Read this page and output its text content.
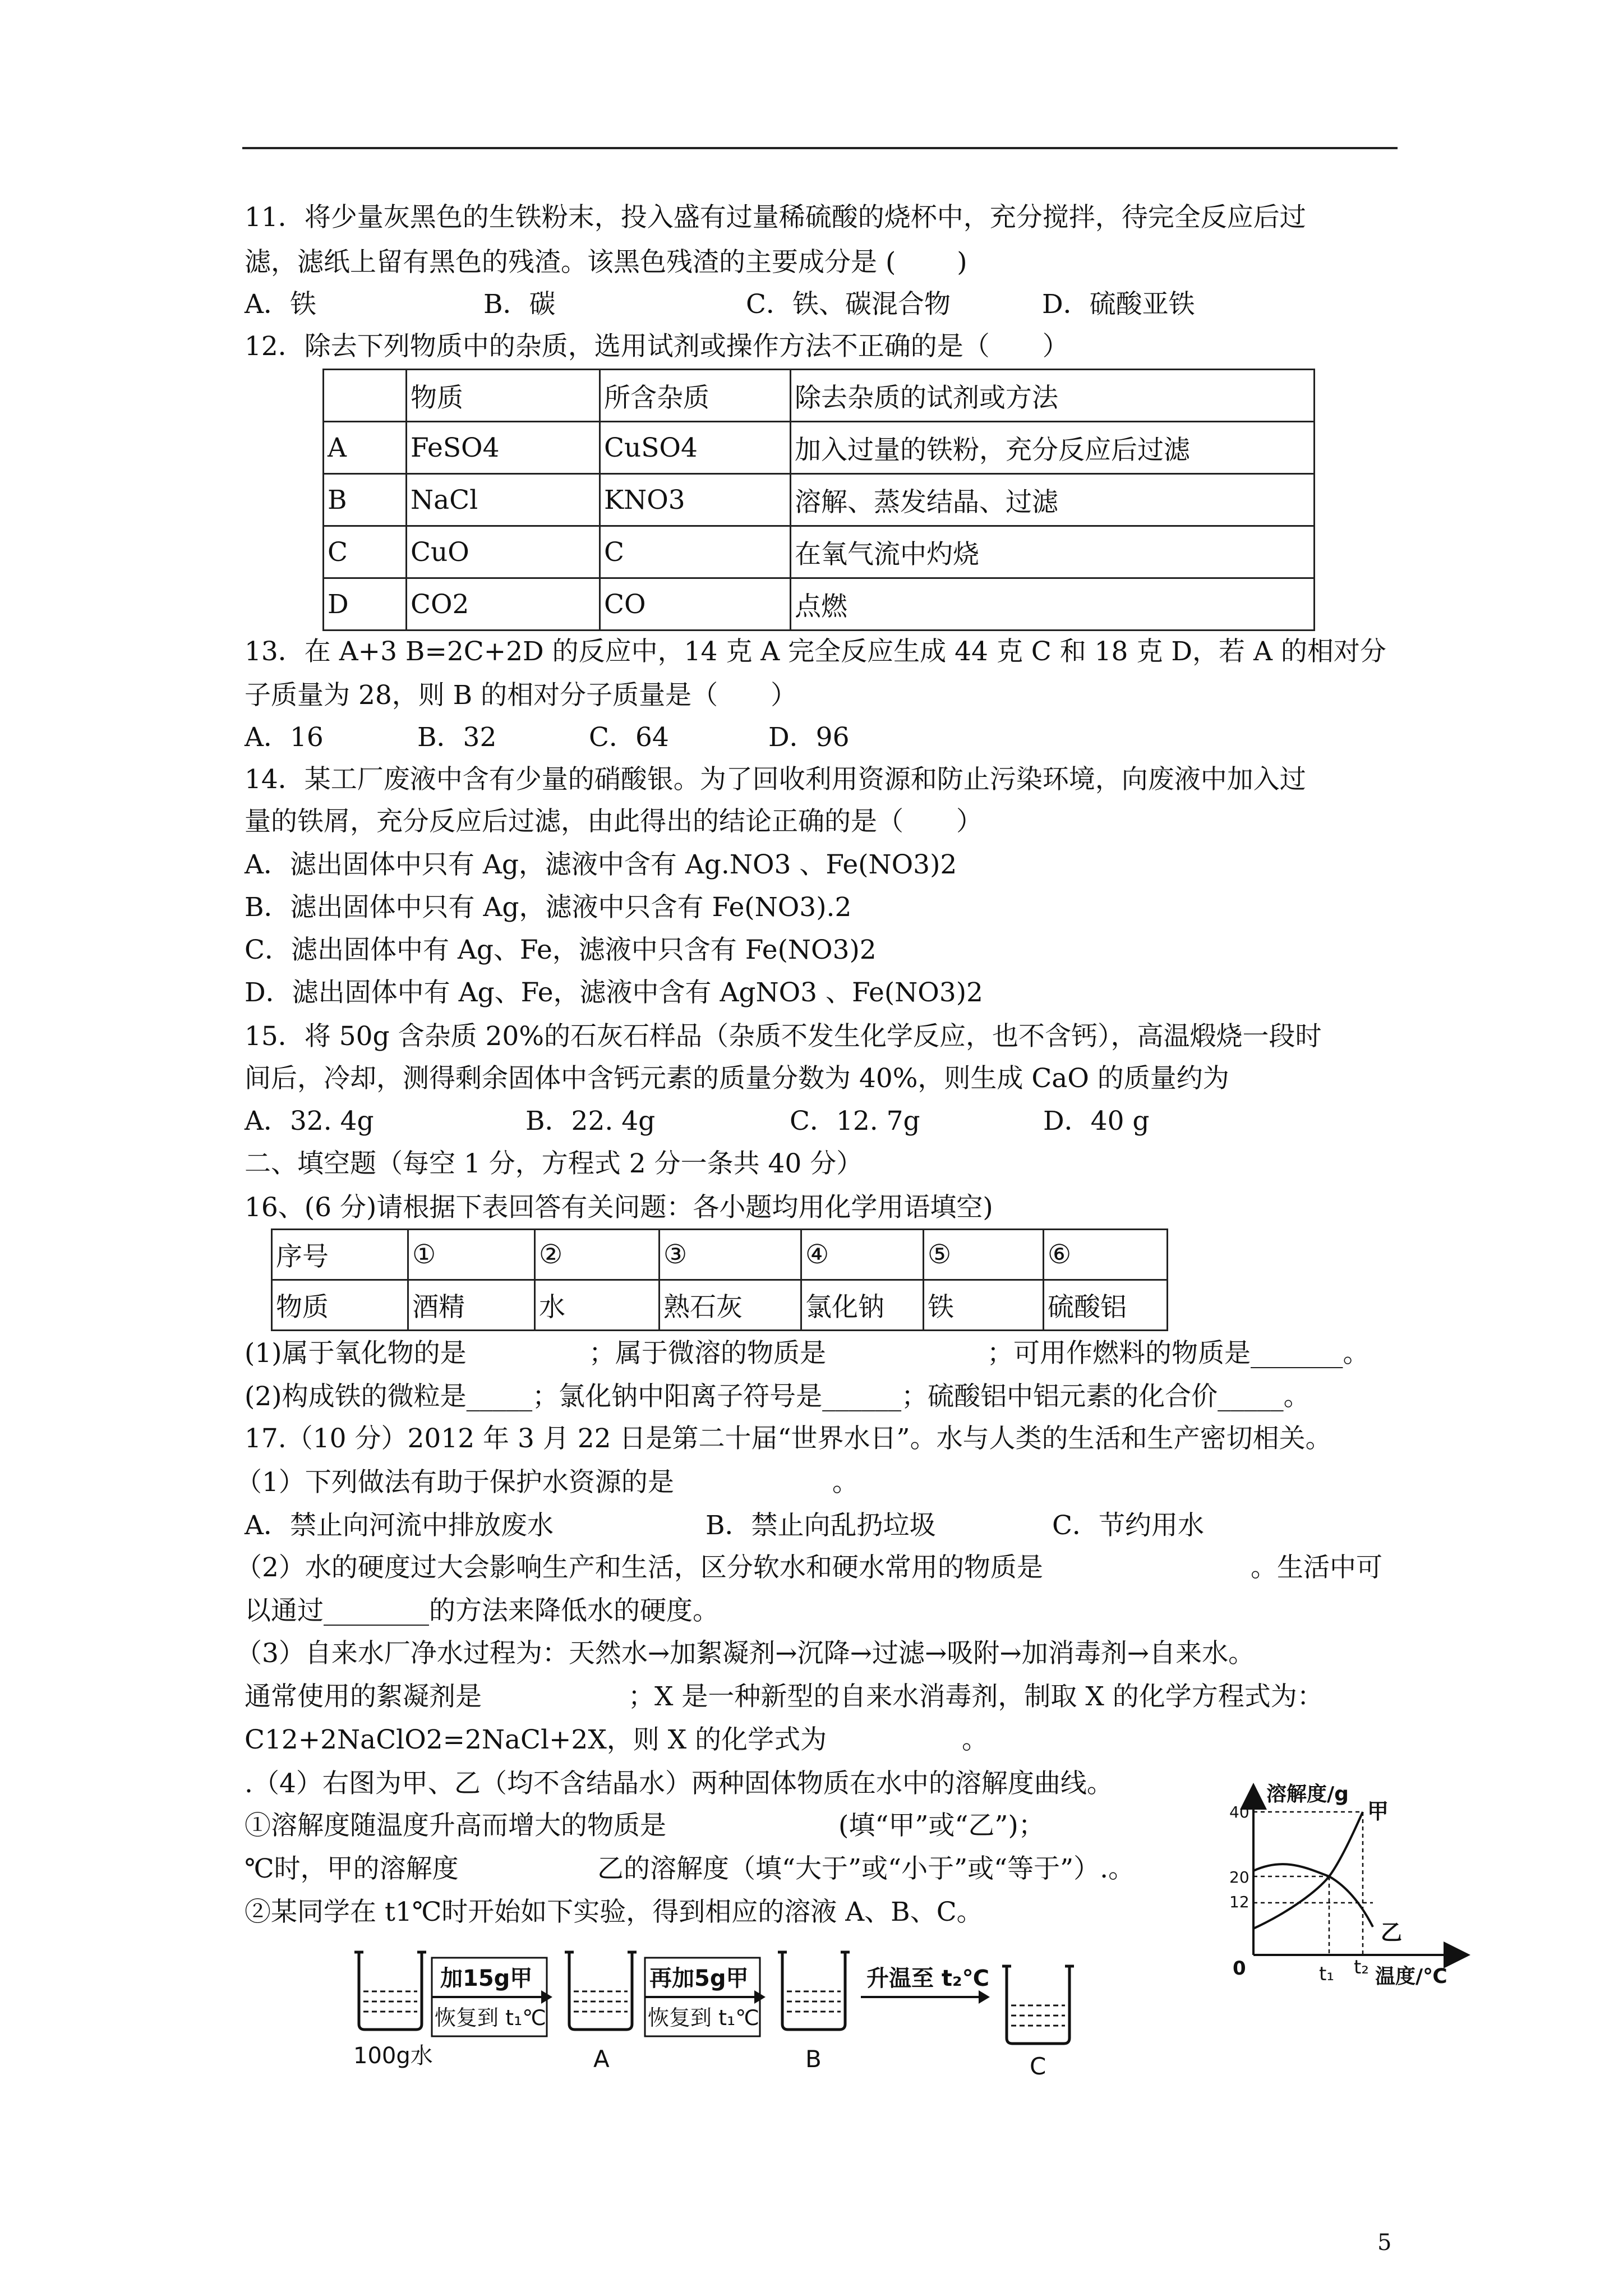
11．将少量灰黑色的生铁粉末，投入盛有过量稀硫酸的烧杯中，充分搅拌，待完全反应后过
滤，滤纸上留有黑色的残渣。该黑色残渣的主要成分是 (　　 )
A．铁	B．碳	C．铁、碳混合物	D．硫酸亚铁
12．除去下列物质中的杂质，选用试剂或操作方法不正确的是（　　）
	物质	所含杂质	除去杂质的试剂或方法
A	FeSO4	CuSO4	加入过量的铁粉，充分反应后过滤
B	NaCl	KNO3	溶解、蒸发结晶、过滤
C	CuO	C	在氧气流中灼烧
D	CO2	CO	点燃
13．在 A+3 B=2C+2D 的反应中，14 克 A 完全反应生成 44 克 C 和 18 克 D，若 A 的相对分
子质量为 28，则 B 的相对分子质量是（　　）
A．16	B．32	C．64	D．96
14．某工厂废液中含有少量的硝酸银。为了回收利用资源和防止污染环境，向废液中加入过
量的铁屑，充分反应后过滤，由此得出的结论正确的是（　　）
A．滤出固体中只有 Ag，滤液中含有 Ag.NO3 、Fe(NO3)2
B．滤出固体中只有 Ag，滤液中只含有 Fe(NO3).2
C．滤出固体中有 Ag、Fe，滤液中只含有 Fe(NO3)2
D．滤出固体中有 Ag、Fe，滤液中含有 AgNO3 、Fe(NO3)2
15．将 50g 含杂质 20%的石灰石样品（杂质不发生化学反应，也不含钙），高温煅烧一段时
间后，冷却，测得剩余固体中含钙元素的质量分数为 40%，则生成 CaO 的质量约为
A．32. 4g	B．22. 4g	C．12. 7g	D．40 g
二、填空题（每空 1 分，方程式 2 分一条共 40 分）
16、(6 分)请根据下表回答有关问题：各小题均用化学用语填空)
序号	①	②	③	④	⑤	⑥
物质	酒精	水	熟石灰	氯化钠	铁	硫酸铝
(1)属于氧化物的是	；属于微溶的物质是	；可用作燃料的物质是_______。
(2)构成铁的微粒是_____；氯化钠中阳离子符号是______；硫酸铝中铝元素的化合价_____。
17.（10 分）2012 年 3 月 22 日是第二十届“世界水日”。水与人类的生活和生产密切相关。
（1）下列做法有助于保护水资源的是　　　　　　。
A．禁止向河流中排放废水	B．禁止向乱扔垃圾	C．节约用水
（2）水的硬度过大会影响生产和生活，区分软水和硬水常用的物质是	。生活中可
以通过________的方法来降低水的硬度。
（3）自来水厂净水过程为：天然水→加絮凝剂→沉降→过滤→吸附→加消毒剂→自来水。
通常使用的絮凝剂是	；X 是一种新型的自来水消毒剂，制取 X 的化学方程式为：
C12+2NaClO2=2NaCl+2X，则 X 的化学式为	。
.（4）右图为甲、乙（均不含结晶水）两种固体物质在水中的溶解度曲线。
①溶解度随温度升高而增大的物质是	(填“甲”或“乙”)；
℃时，甲的溶解度	乙的溶解度（填“大于”或“小于”或“等于”）.。
②某同学在 t1℃时开始如下实验，得到相应的溶液 A、B、C。
溶解度/g
温度/℃
0
40
20
12
甲
乙
t₁ t₂
100g水
加15g甲
恢复到 t₁℃
A
再加5g甲
恢复到 t₁℃
B
升温至 t₂℃
C
5
